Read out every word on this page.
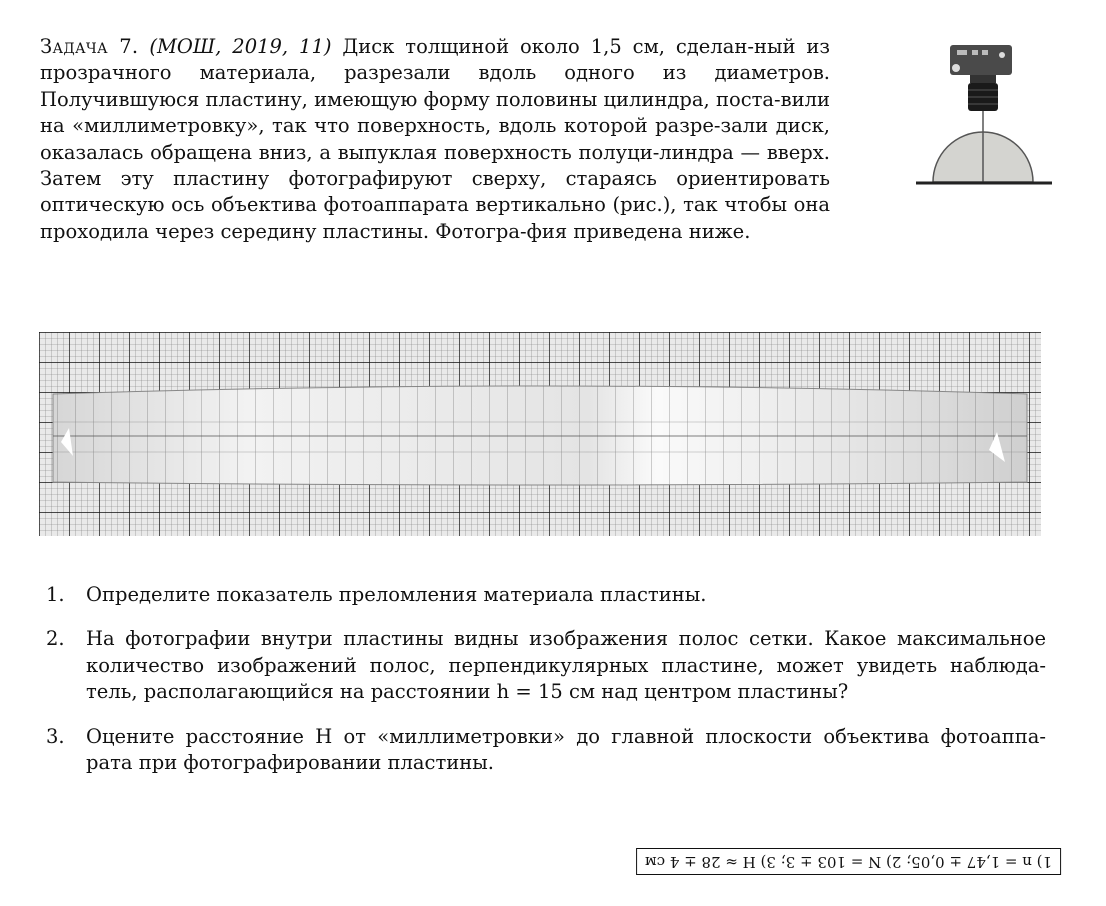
Задача 7. (МОШ, 2019, 11) Диск толщиной около 1,5 см, сделан-ный из прозрачного материала, разрезали вдоль одного из диаметров. Получившуюся пластину, имеющую форму половины цилиндра, поста-вили на «миллиметровку», так что поверхность, вдоль которой разре-зали диск, оказалась обращена вниз, а выпуклая поверхность полуци-линдра — вверх. Затем эту пластину фотографируют сверху, стараясь ориентировать оптическую ось объектива фотоаппарата вертикально (рис.), так чтобы она проходила через середину пластины. Фотогра-фия приведена ниже.
1. Определите показатель преломления материала пластины.
2. На фотографии внутри пластины видны изображения полос сетки. Какое максимальное количество изображений полос, перпендикулярных пластине, может увидеть наблюда-тель, располагающийся на расстоянии h = 15 см над центром пластины?
3. Оцените расстояние H от «миллиметровки» до главной плоскости объектива фотоаппа-рата при фотографировании пластины.
1) n = 1,47 ± 0,05; 2) N = 103 ± 3; 3) H ≈ 28 ± 4 см
